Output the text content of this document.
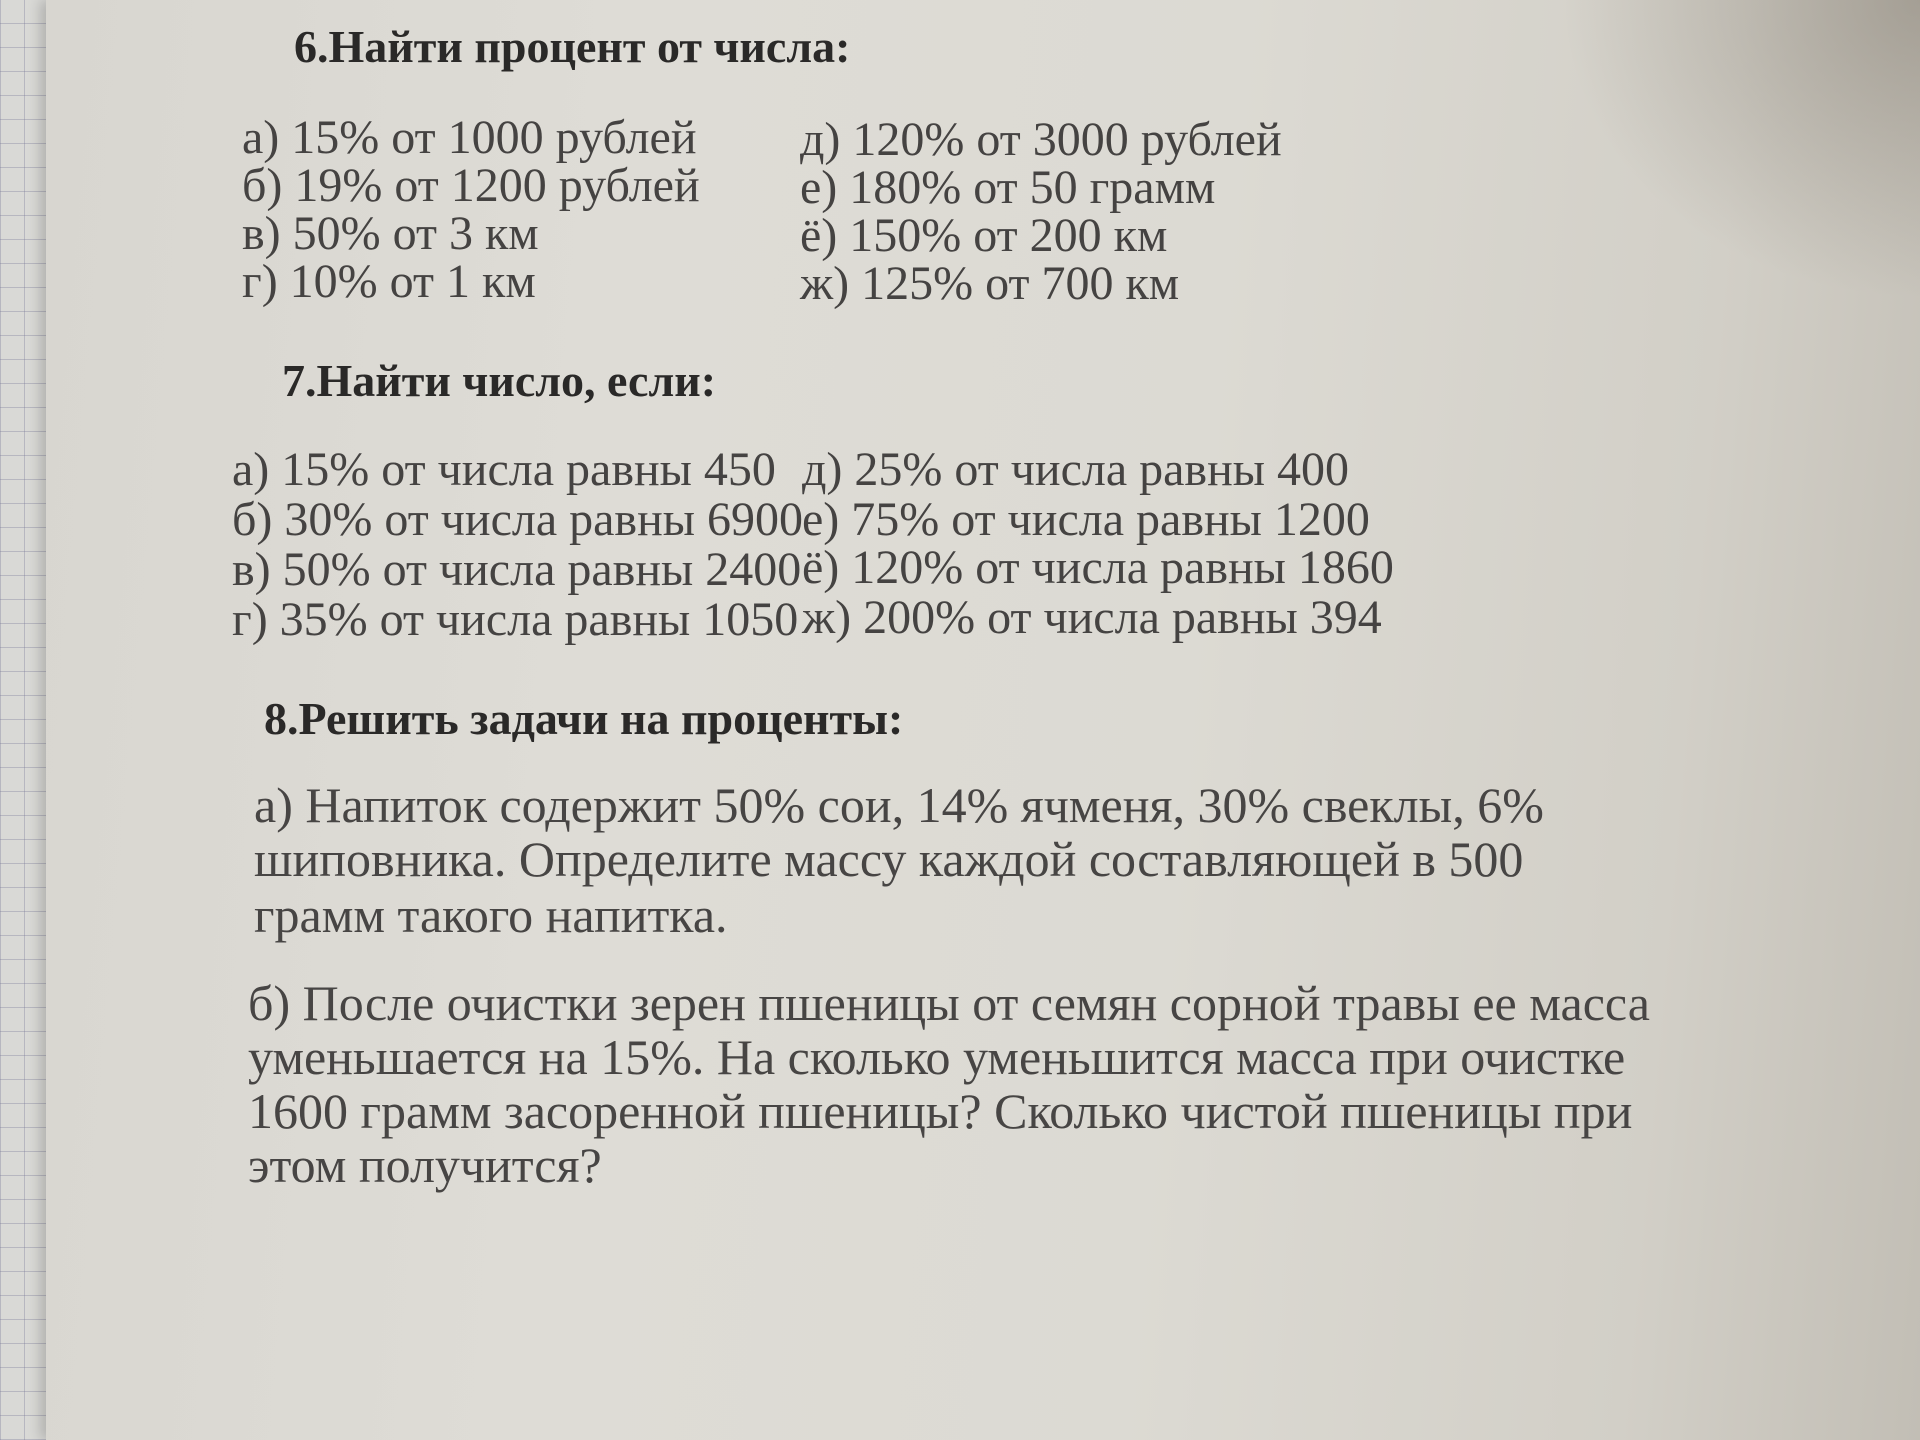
6.Найти процент от числа:
а) 15% от 1000 рублей
б) 19% от 1200 рублей
в) 50% от 3 км
г) 10% от 1 км
д) 120% от 3000 рублей
е) 180% от 50 грамм
ё) 150% от 200 км
ж) 125% от 700 км
7.Найти число, если:
а) 15% от числа равны 450
б) 30% от числа равны 6900
в) 50% от числа равны 2400
г) 35% от числа равны 1050
д) 25% от числа равны 400
е) 75% от числа равны 1200
ё) 120% от числа равны 1860
ж) 200% от числа равны 394
8.Решить задачи на проценты:
а) Напиток содержит 50% сои, 14% ячменя, 30% свеклы, 6%
шиповника. Определите массу каждой составляющей в 500
грамм такого напитка.
б) После очистки зерен пшеницы от семян сорной травы ее масса
уменьшается на 15%. На сколько уменьшится масса при очистке
1600 грамм засоренной пшеницы? Сколько чистой пшеницы при
этом получится?
